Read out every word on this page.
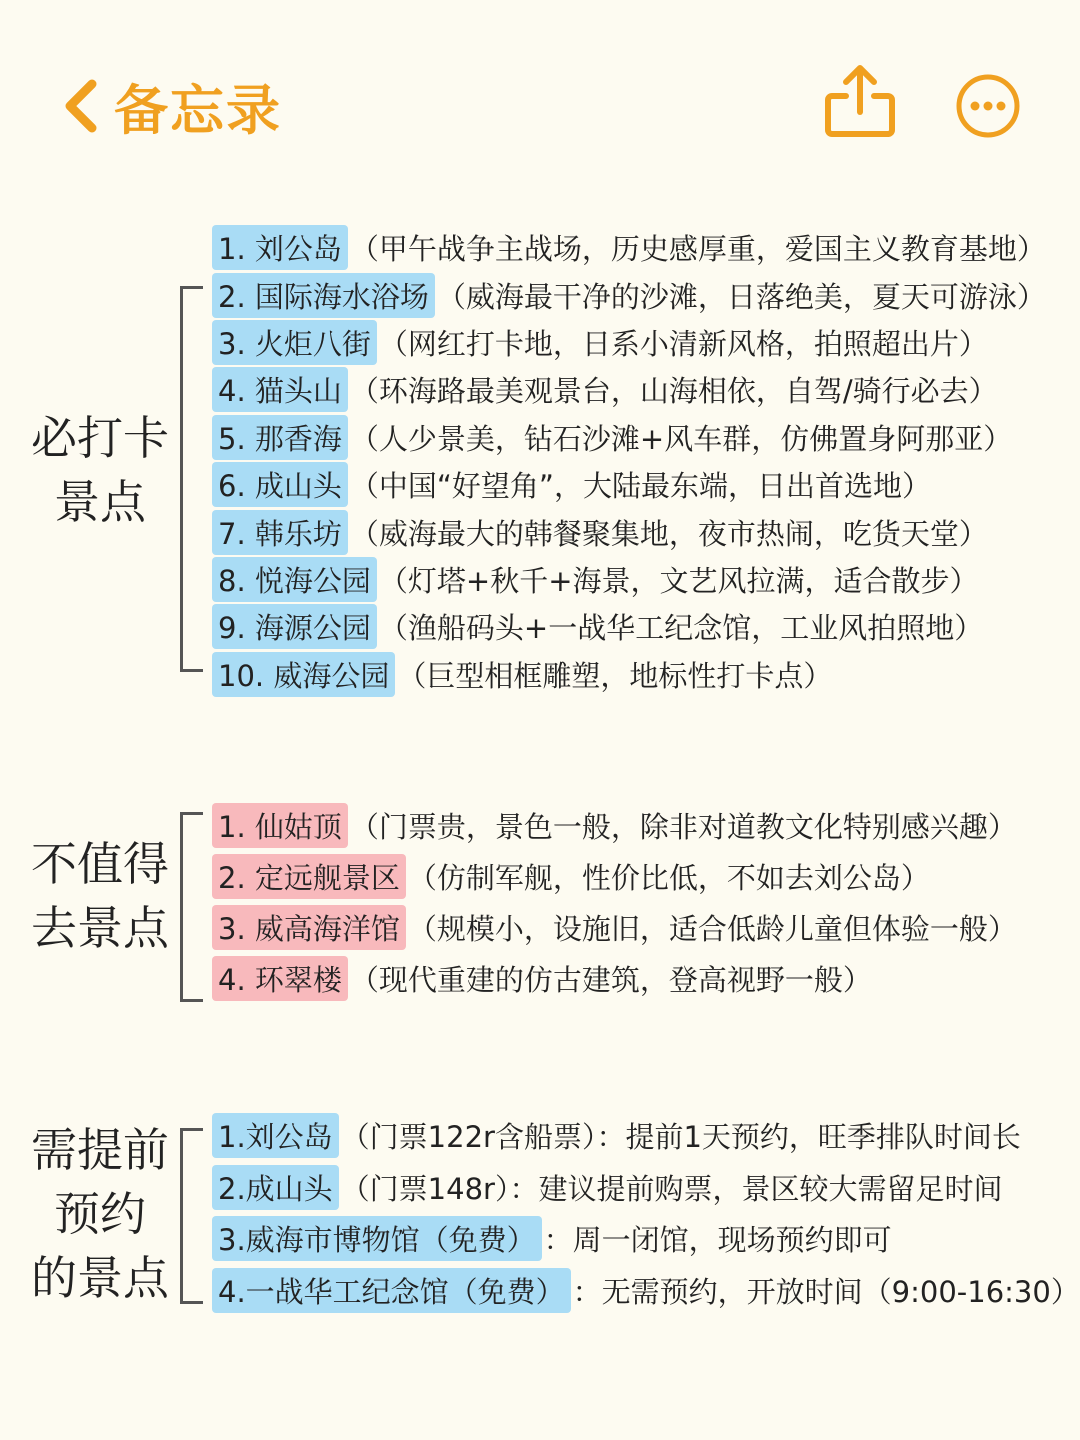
备忘录
必打卡
景点
1. 刘公岛 （甲午战争主战场，历史感厚重，爱国主义教育基地）
2. 国际海水浴场 （威海最干净的沙滩，日落绝美，夏天可游泳）
3. 火炬八街 （网红打卡地，日系小清新风格，拍照超出片）
4. 猫头山 （环海路最美观景台，山海相依，自驾/骑行必去）
5. 那香海 （人少景美，钻石沙滩+风车群，仿佛置身阿那亚）
6. 成山头 （中国“好望角”，大陆最东端，日出首选地）
7. 韩乐坊 （威海最大的韩餐聚集地，夜市热闹，吃货天堂）
8. 悦海公园 （灯塔+秋千+海景，文艺风拉满，适合散步）
9. 海源公园 （渔船码头+一战华工纪念馆，工业风拍照地）
10. 威海公园 （巨型相框雕塑，地标性打卡点）
不值得
去景点
1. 仙姑顶 （门票贵，景色一般，除非对道教文化特别感兴趣）
2. 定远舰景区 （仿制军舰，性价比低，不如去刘公岛）
3. 威高海洋馆 （规模小，设施旧，适合低龄儿童但体验一般）
4. 环翠楼 （现代重建的仿古建筑，登高视野一般）
需提前
预约
的景点
1.刘公岛 （门票122r含船票）：提前1天预约，旺季排队时间长
2.成山头 （门票148r）：建议提前购票，景区较大需留足时间
3.威海市博物馆（免费） ：周一闭馆，现场预约即可
4.一战华工纪念馆（免费） ：无需预约，开放时间（9:00-16:30）
